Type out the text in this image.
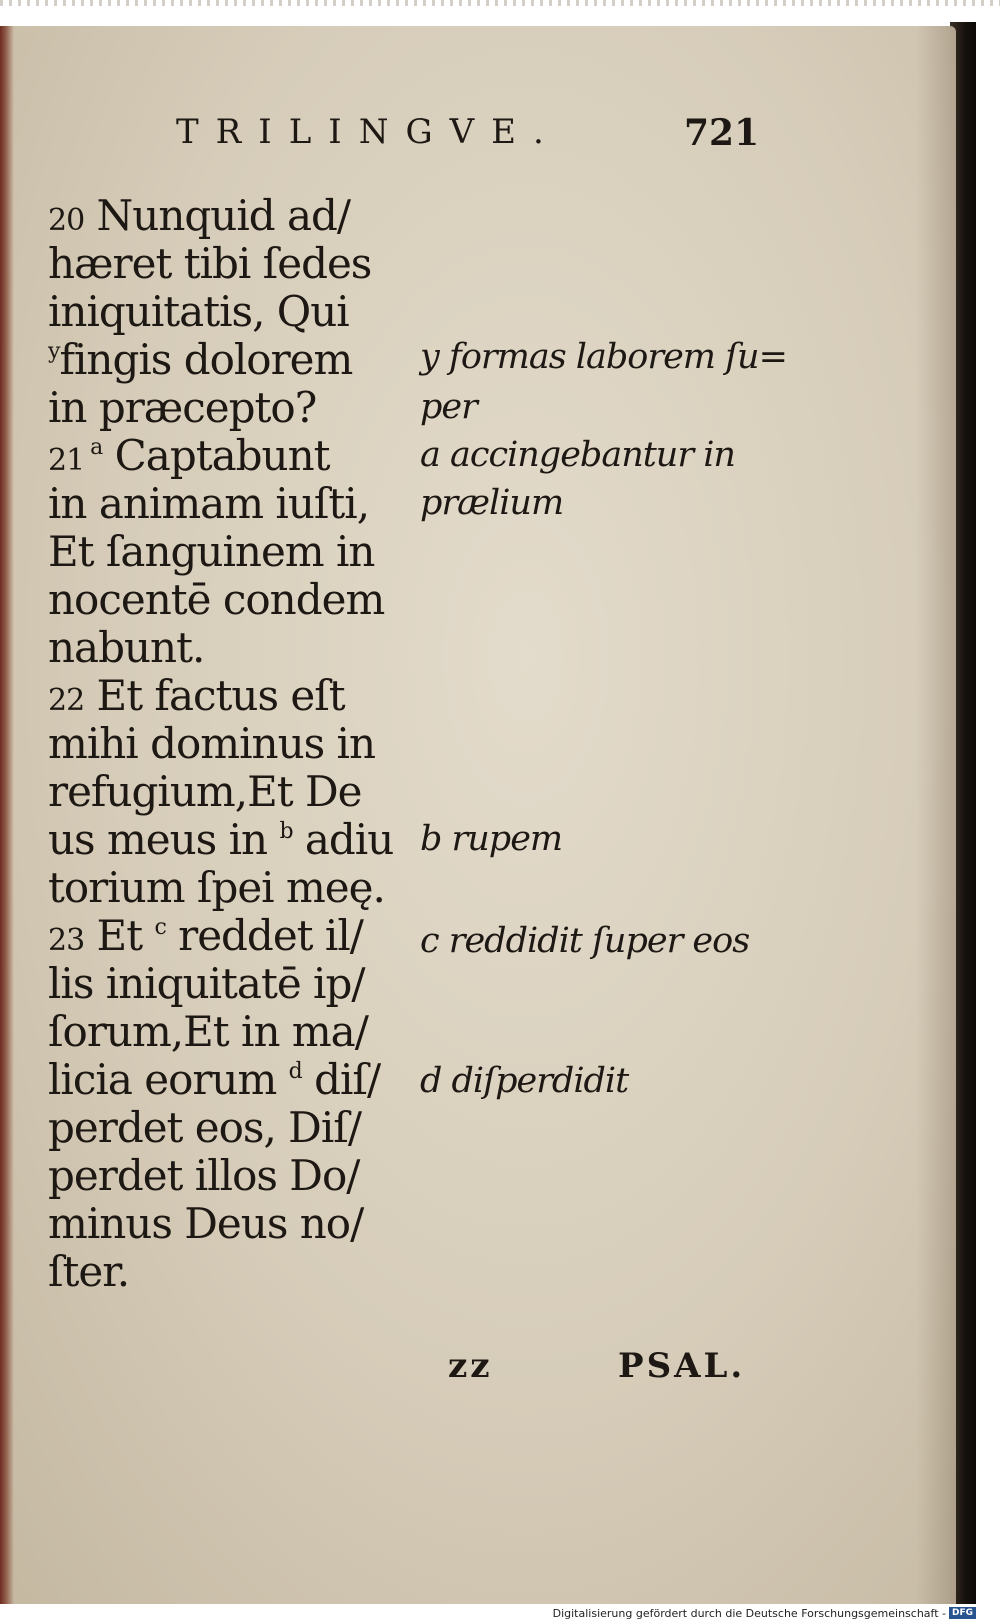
TRILINGVE.	721
20 Nunquid ad/
hæret tibi ſedes
iniquitatis, Qui
$^y$fingis dolorem
in præcepto?
21 $^a$ Captabunt
in animam iuſti,
Et ſanguinem in
nocentē condem
nabunt.
22 Et factus eſt
mihi dominus in
refugium,Et De
us meus in $^b$ adiu
torium ſpei meę.
23 Et $^c$ reddet il/
lis iniquitatē ip/
ſorum,Et in ma/
licia eorum $^d$ diſ/
perdet eos, Diſ/
perdet illos Do/
minus Deus no/
ſter.
y formas laborem ſu=
per
a accingebantur in
prælium
b rupem
c reddidit ſuper eos
d diſperdidit
zz	PSAL.
Digitalisierung gefördert durch die Deutsche Forschungsgemeinschaft - DFG
